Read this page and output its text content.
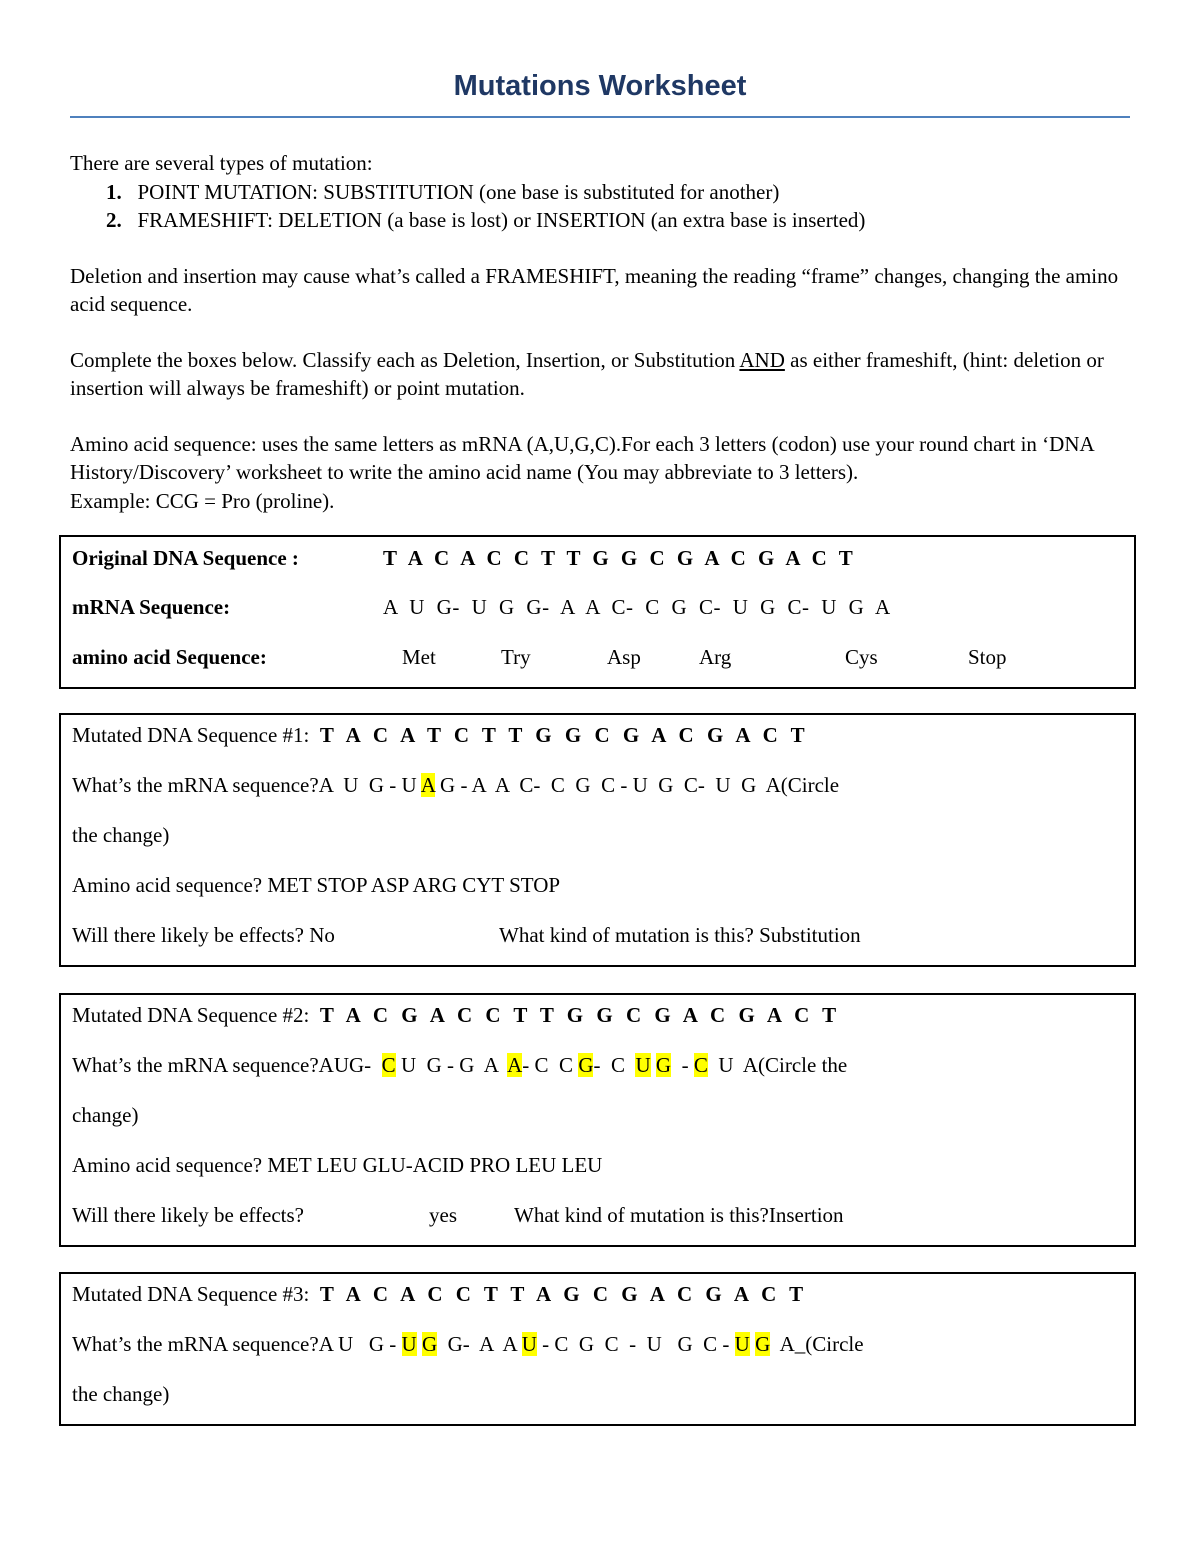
Mutations Worksheet

There are several types of mutation:

1. POINT MUTATION: SUBSTITUTION (one base is substituted for another)
2. FRAMESHIFT: DELETION (a base is lost) or INSERTION (an extra base is inserted)

Deletion and insertion may cause what’s called a FRAMESHIFT, meaning the reading “frame” changes, changing the amino acid sequence.

Complete the boxes below. Classify each as Deletion, Insertion, or Substitution AND as either frameshift, (hint: deletion or insertion will always be frameshift) or point mutation.

Amino acid sequence: uses the same letters as mRNA (A,U,G,C).For each 3 letters (codon) use your round chart in ‘DNA History/Discovery’ worksheet to write the amino acid name (You may abbreviate to 3 letters).

Example: CCG = Pro (proline).

Original DNA Sequence :	T A C A C C T T G G C G A C G A C T
mRNA Sequence:	A U G- U G G- A A C- C G C- U G C- U G A
amino acid Sequence:	Met	Try	Asp	Arg	Cys	Stop
Mutated DNA Sequence #1: T A C A T C T T G G C G A C G A C T
What’s the mRNA sequence?A  U  G - U A G - A  A  C-  C  G  C - U  G  C-  U  G  A(Circle
the change)
Amino acid sequence? MET STOP ASP ARG CYT STOP
Will there likely be effects? No	What kind of mutation is this? Substitution
Mutated DNA Sequence #2: T A C G A C C T T G G C G A C G A C T
What’s the mRNA sequence?AUG-  C U  G - G  A  A- C  C G-  C  U G  - C  U  A(Circle the
change)
Amino acid sequence? MET LEU GLU-ACID PRO LEU LEU
Will there likely be effects?	yes	What kind of mutation is this?Insertion
Mutated DNA Sequence #3: T A C A C C T T A G C G A C G A C T
What’s the mRNA sequence?A U   G - U G  G-  A  A U - C  G  C  -  U   G  C - U G  A_(Circle
the change)
